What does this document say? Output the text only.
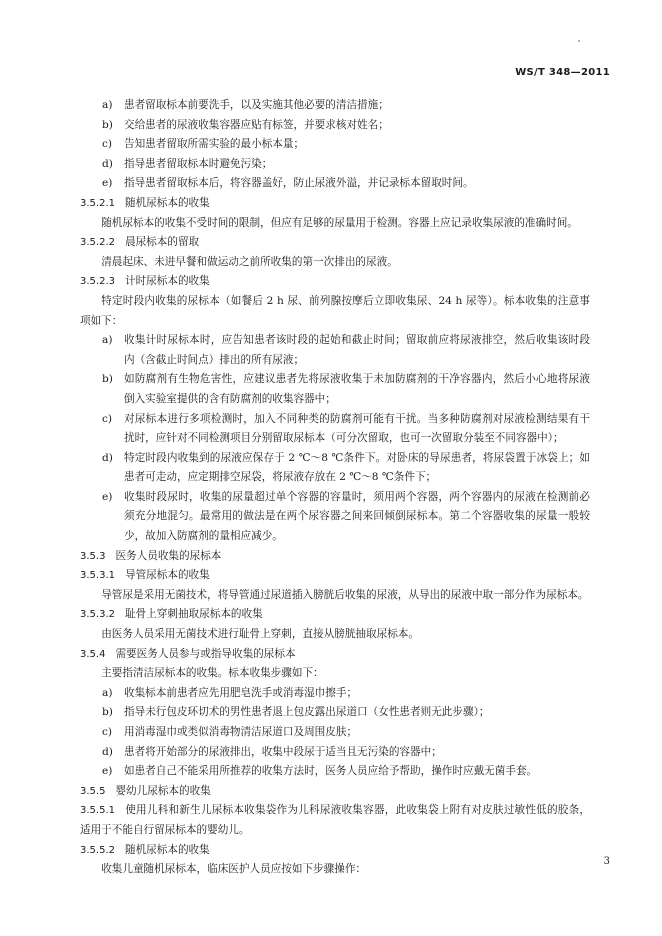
WS/T 348—2011
a)	患者留取标本前要洗手，以及实施其他必要的清洁措施；
b)	交给患者的尿液收集容器应贴有标签，并要求核对姓名；
c)	告知患者留取所需实验的最小标本量；
d)	指导患者留取标本时避免污染；
e)	指导患者留取标本后，将容器盖好，防止尿液外溢，并记录标本留取时间。
3.5.2.1 随机尿标本的收集

随机尿标本的收集不受时间的限制，但应有足够的尿量用于检测。容器上应记录收集尿液的准确时间。

3.5.2.2 晨尿标本的留取

清晨起床、未进早餐和做运动之前所收集的第一次排出的尿液。

3.5.2.3 计时尿标本的收集

特定时段内收集的尿标本（如餐后 2 h 尿、前列腺按摩后立即收集尿、24 h 尿等）。标本收集的注意事项如下：

a)	收集计时尿标本时，应告知患者该时段的起始和截止时间；留取前应将尿液排空，然后收集该时段内（含截止时间点）排出的所有尿液；
b)	如防腐剂有生物危害性，应建议患者先将尿液收集于未加防腐剂的干净容器内，然后小心地将尿液倒入实验室提供的含有防腐剂的收集容器中；
c)	对尿标本进行多项检测时，加入不同种类的防腐剂可能有干扰。当多种防腐剂对尿液检测结果有干扰时，应针对不同检测项目分别留取尿标本（可分次留取，也可一次留取分装至不同容器中）；
d)	特定时段内收集到的尿液应保存于 2 ℃～8 ℃条件下。对卧床的导尿患者，将尿袋置于冰袋上；如患者可走动，应定期排空尿袋，将尿液存放在 2 ℃～8 ℃条件下；
e)	收集时段尿时，收集的尿量超过单个容器的容量时，须用两个容器，两个容器内的尿液在检测前必须充分地混匀。最常用的做法是在两个尿容器之间来回倾倒尿标本。第二个容器收集的尿量一般较少，故加入防腐剂的量相应减少。
3.5.3 医务人员收集的尿标本
3.5.3.1 导管尿标本的收集

导管尿是采用无菌技术，将导管通过尿道插入膀胱后收集的尿液，从导出的尿液中取一部分作为尿标本。

3.5.3.2 耻骨上穿刺抽取尿标本的收集

由医务人员采用无菌技术进行耻骨上穿刺，直接从膀胱抽取尿标本。

3.5.4 需要医务人员参与或指导收集的尿标本

主要指清洁尿标本的收集。标本收集步骤如下：

a)	收集标本前患者应先用肥皂洗手或消毒湿巾擦手；
b)	指导未行包皮环切术的男性患者退上包皮露出尿道口（女性患者则无此步骤）；
c)	用消毒湿巾或类似消毒物清洁尿道口及周围皮肤；
d)	患者将开始部分的尿液排出，收集中段尿于适当且无污染的容器中；
e)	如患者自己不能采用所推荐的收集方法时，医务人员应给予帮助，操作时应戴无菌手套。
3.5.5 婴幼儿尿标本的收集

3.5.5.1 使用儿科和新生儿尿标本收集袋作为儿科尿液收集容器，此收集袋上附有对皮肤过敏性低的胶条，适用于不能自行留尿标本的婴幼儿。

3.5.5.2 随机尿标本的收集

收集儿童随机尿标本，临床医护人员应按如下步骤操作：

3
